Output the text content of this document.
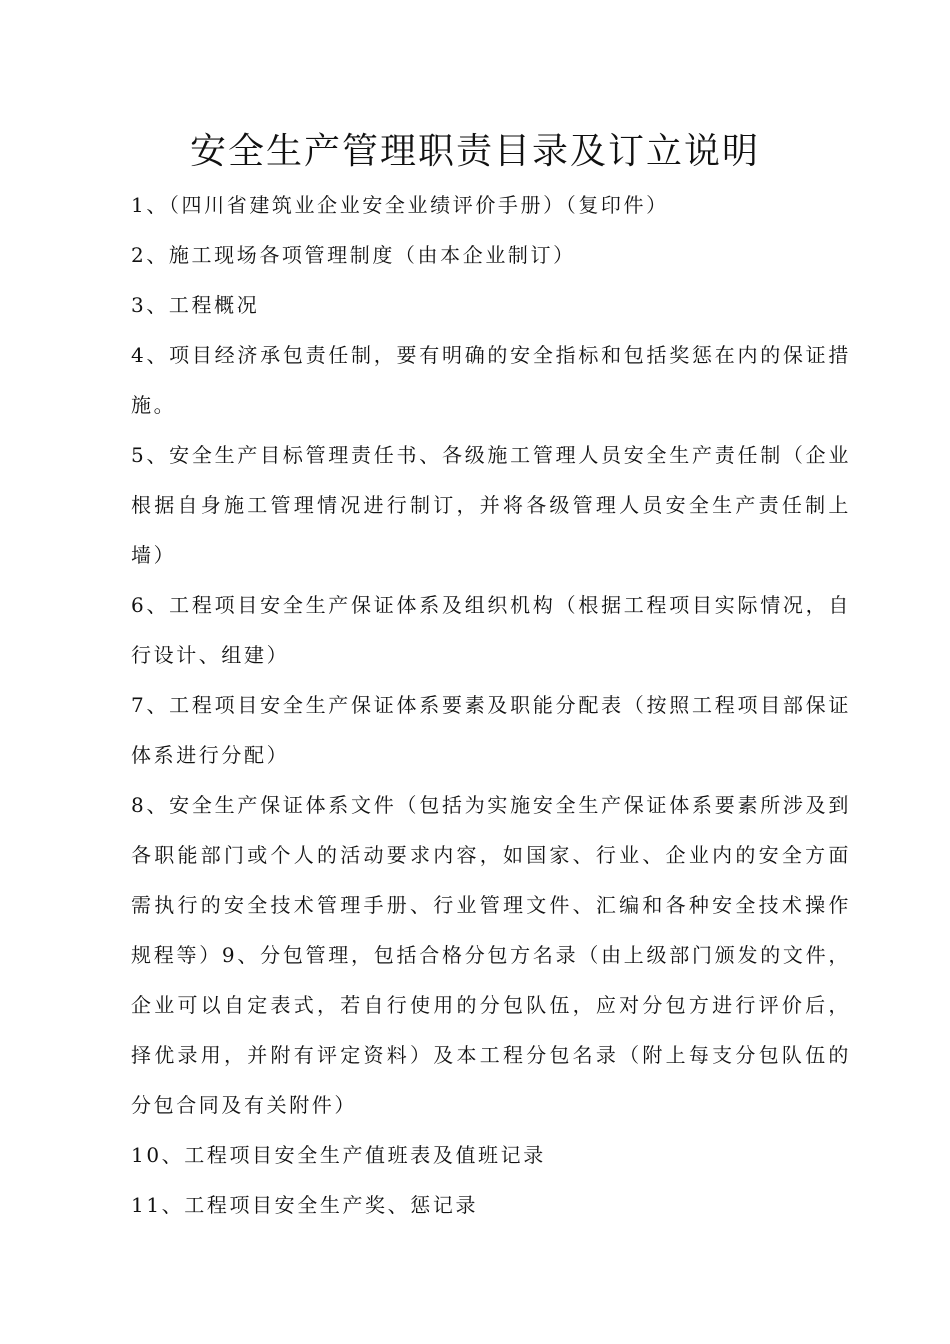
安全生产管理职责目录及订立说明

1、（四川省建筑业企业安全业绩评价手册）（复印件）

2、施工现场各项管理制度（由本企业制订）

3、工程概况

4、项目经济承包责任制，要有明确的安全指标和包括奖惩在内的保证措施。

5、安全生产目标管理责任书、各级施工管理人员安全生产责任制（企业根据自身施工管理情况进行制订，并将各级管理人员安全生产责任制上墙）

6、工程项目安全生产保证体系及组织机构（根据工程项目实际情况，自行设计、组建）

7、工程项目安全生产保证体系要素及职能分配表（按照工程项目部保证体系进行分配）

8、安全生产保证体系文件（包括为实施安全生产保证体系要素所涉及到各职能部门或个人的活动要求内容，如国家、行业、企业内的安全方面需执行的安全技术管理手册、行业管理文件、汇编和各种安全技术操作规程等）9、分包管理，包括合格分包方名录（由上级部门颁发的文件，企业可以自定表式，若自行使用的分包队伍，应对分包方进行评价后，择优录用，并附有评定资料）及本工程分包名录（附上每支分包队伍的分包合同及有关附件）

10、工程项目安全生产值班表及值班记录

11、工程项目安全生产奖、惩记录
